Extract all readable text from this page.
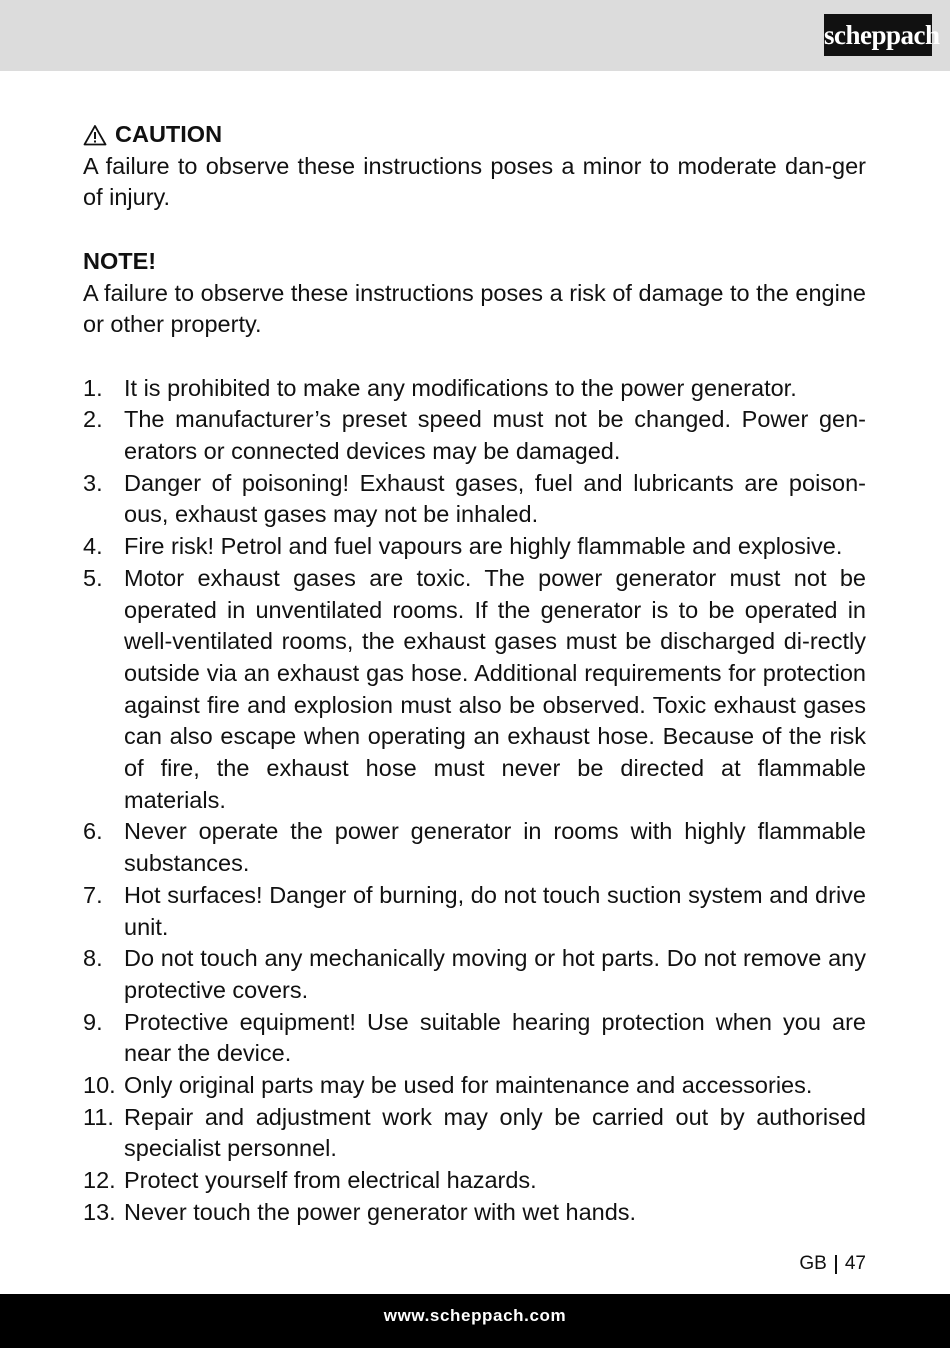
scheppach

CAUTION

A failure to observe these instructions poses a minor to moderate dan-ger of injury.

NOTE!

A failure to observe these instructions poses a risk of damage to the engine or other property.

1. It is prohibited to make any modifications to the power generator.
2. The manufacturer’s preset speed must not be changed. Power gen-erators or connected devices may be damaged.
3. Danger of poisoning! Exhaust gases, fuel and lubricants are poison-ous, exhaust gases may not be inhaled.
4. Fire risk! Petrol and fuel vapours are highly flammable and explosive.
5. Motor exhaust gases are toxic. The power generator must not be operated in unventilated rooms. If the generator is to be operated in well-ventilated rooms, the exhaust gases must be discharged di-rectly outside via an exhaust gas hose. Additional requirements for protection against fire and explosion must also be observed. Toxic exhaust gases can also escape when operating an exhaust hose. Because of the risk of fire, the exhaust hose must never be directed at flammable materials.
6. Never operate the power generator in rooms with highly flammable substances.
7. Hot surfaces! Danger of burning, do not touch suction system and drive unit.
8. Do not touch any mechanically moving or hot parts. Do not remove any protective covers.
9. Protective equipment! Use suitable hearing protection when you are near the device.
10. Only original parts may be used for maintenance and accessories.
11. Repair and adjustment work may only be carried out by authorised specialist personnel.
12. Protect yourself from electrical hazards.
13. Never touch the power generator with wet hands.
GB 47
www.scheppach.com
